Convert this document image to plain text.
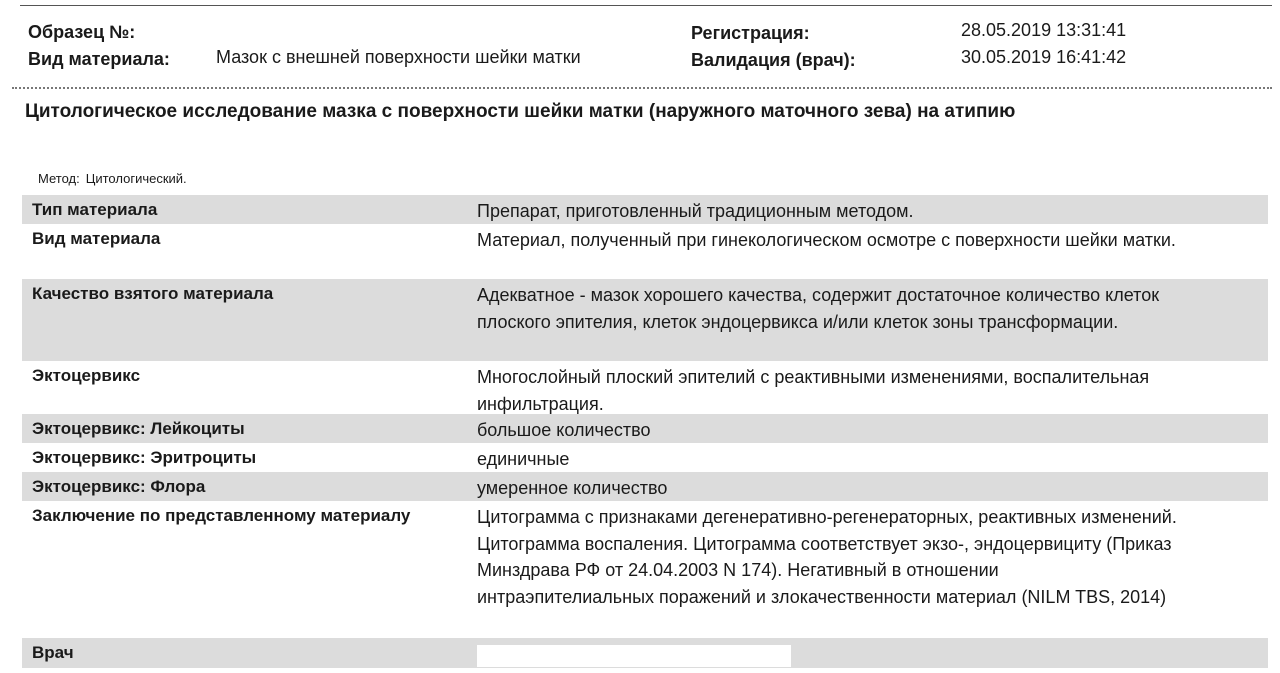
Образец №:
Вид материала:	Мазок с внешней поверхности шейки матки
Регистрация:	28.05.2019 13:31:41
Валидация (врач):	30.05.2019 16:41:42
Цитологическое исследование мазка с поверхности шейки матки (наружного маточного зева) на атипию
Метод: Цитологический.
Тип материала	Препарат, приготовленный традиционным методом.
Вид материала	Материал, полученный при гинекологическом осмотре с поверхности шейки матки.
Качество взятого материала	Адекватное - мазок хорошего качества, содержит достаточное количество клеток плоского эпителия, клеток эндоцервикса и/или клеток зоны трансформации.
Эктоцервикс	Многослойный плоский эпителий с реактивными изменениями, воспалительная инфильтрация.
Эктоцервикс: Лейкоциты	большое количество
Эктоцервикс: Эритроциты	единичные
Эктоцервикс: Флора	умеренное количество
Заключение по представленному материалу	Цитограмма с признаками дегенеративно-регенераторных, реактивных изменений. Цитограмма воспаления. Цитограмма соответствует экзо-, эндоцервициту (Приказ Минздрава РФ от 24.04.2003 N 174). Негативный в отношении интраэпителиальных поражений и злокачественности материал (NILM TBS, 2014)
Врач
